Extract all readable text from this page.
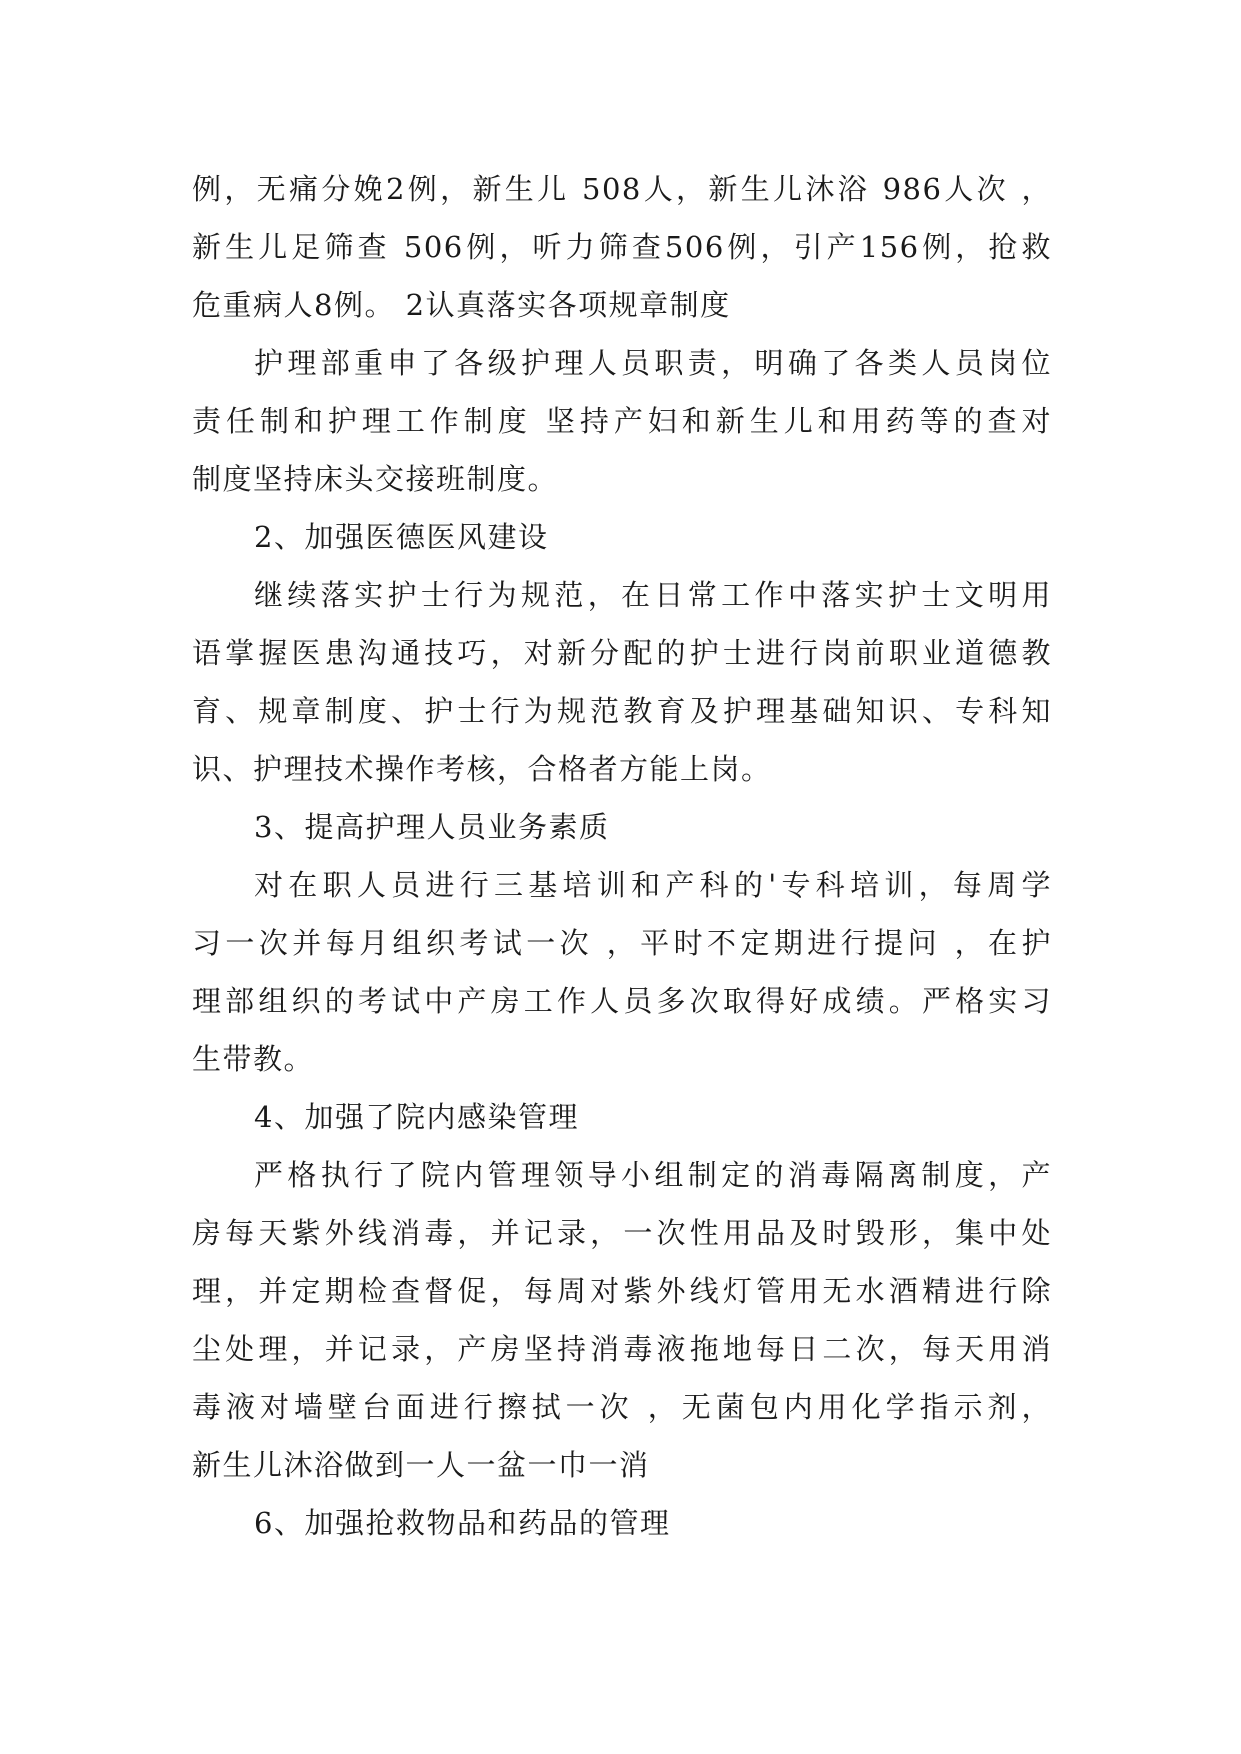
例，无痛分娩2例，新生儿 508人，新生儿沐浴 986人次 ，
新生儿足筛查 506例，听力筛查506例，引产156例，抢救
危重病人8例。 2认真落实各项规章制度
护理部重申了各级护理人员职责，明确了各类人员岗位
责任制和护理工作制度 坚持产妇和新生儿和用药等的查对
制度坚持床头交接班制度。
2、加强医德医风建设
继续落实护士行为规范，在日常工作中落实护士文明用
语掌握医患沟通技巧，对新分配的护士进行岗前职业道德教
育、规章制度、护士行为规范教育及护理基础知识、专科知
识、护理技术操作考核，合格者方能上岗。
3、提高护理人员业务素质
对在职人员进行三基培训和产科的'专科培训，每周学
习一次并每月组织考试一次 ，平时不定期进行提问 ，在护
理部组织的考试中产房工作人员多次取得好成绩。严格实习
生带教。
4、加强了院内感染管理
严格执行了院内管理领导小组制定的消毒隔离制度，产
房每天紫外线消毒，并记录，一次性用品及时毁形，集中处
理，并定期检查督促，每周对紫外线灯管用无水酒精进行除
尘处理，并记录，产房坚持消毒液拖地每日二次，每天用消
毒液对墙壁台面进行擦拭一次 ，无菌包内用化学指示剂，
新生儿沐浴做到一人一盆一巾一消
6、加强抢救物品和药品的管理
